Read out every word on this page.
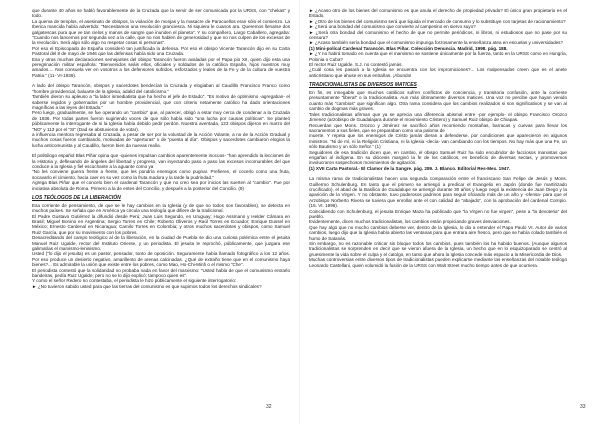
que durante 40 años se habló favorablemente de la Cruzada que la servir de ser comunicada por la URSS, con "chekas" y todo.

La quema de templos, el asesinato de obispos, la violación de monjas y la masacre de Paracuellos eran sólo el comienzo. La Iberica mancida había advertido: "Necesitamos una revolución granciesca. Ni siquiera le cuanos ara. Queremos llenarse dos galgatescas pura que ve tan cielos y manos de sangre que inunden el planeta". Y su compañero, Largo Caballero, agregaba: "Cuando nos lancemos por segunda vez a la calle, que no nos hablen de generosidad y que no nos culpen de los excesos de la revolución. Será algo sólo algo no respetar cosas ni personas".

Por eso el Episcopado de España consideró tan justificada la defensa. Por eso el obispo Vicente Tarancón dijo en su Carta Pastoral del 8 de mayo de 1946 que las defensas había sido una Cruzada.

Esa y otras muchas declaraciones semejantes del obispo Tarancón fueron avaladas por el Papa pio XII, quien dijo esta una peregrinación militar española: "Bienvenidos seáis ellos, oficiales y soldados de la católica España, hijos nuestros muy amados.... Nos consuela ver en vosotros a los defensores sufridos, esforzados y leales de la Fe y de la cultura de vuestra Patria." (11- VI-1939).

A lado del obispo Tarancón, obispos y sacerdotes bendecían la Cruzada y elogiaban al Caudillo Francisco Franco como "hombre providencial, baluarte de la Iglesia, adalid del catolicismo."

También dieron su apleuso a "la labor inmediatista que ha hecho el jefe de Estado". "Es motivo de optimismo -agregaban- el saberse regidos y gobernados por un hombre providencial, que con criterio netamente católico ha dado orientaciones magníficas a las leyes del Estado."

Pero luego, gradualmente, se fue operando un "cambio" que, al parecer, obligó a estar muy cerca de condenar a la Cruzada de 1936. Por todas partes fueron sugiriendo voces de que sólo había sido "una lucha por causas políticas". Se planteó públicamente la interrogante de si la Iglesia había debido pedir perdón. Nuestra aventada, 123 obispos dijeron en marzo del "NO" y 113 por el "SI" (Dad se abstuvieron de votar).

a influencia mentora regresaba al Cruzada, a pesar de ser por la voluntad de la Acción Volante, a no de la Acción Gradual y muchos cosas fueron cambiando, motivadas de "aperturas" o de "puesta al día". Obispos y sacerdotes cambiaron elogios la lucha anticomunista y al Caudillo, fueron bien da nuevas realía.

El politólogo español Blas Piñar opina que -quienes impulsan cambios aparentemente inocuos- "han aprendido la lecciones de la Historia y, deflexando de ángeles del libertad y progreso, van inyectando paso a paso las excesos incomurables del que conduce a la Iglesia y fiel escuchante a la aguante como ya

"No les conviene guerra frente a frente, que les pondría enemigos como pugnar. Prefieren, el cocerlo como una fruta, socavarlo el cimiento, hacia caer en su vez como la fruta madura y la tarde la pudrindad."

Agrega Blas Piñar que el concelo bien el cardenal Tarancón y que no creo sea por inicios las suerten al "cambio". Fue por iniciativa absoluta de Roma. Primero a la de entes del Concilio, y después a la posterior del Concilio. (9)

LOS TEÓLOGOS DE LA LIBERACIÓN

Esa corriente de pensamiento, de que se le hay cambios en la Iglesia (y de que no todos son favorables), se detecta en muchos países. Se señala que en América ya circula una teología que difiere de la tradicional.

El Padre Gustavo Gutiérrez la difundió desde Perú; Juan Luis Segundo, en Uruguay; Hugo Assmann y Helder Câmara en Brasil; Miguel Bonino en Argentina; Sergio Torres en Chile; Roberto Oliveros y Raúl Torres en Ecuador; Enrique Dussel en México; Ernesto Cardenal en Nicaragua; Camilo Torres en Colombia; y otros muchos sacerdotes y obispos, como Samuel Ruiz García, que por su movimiento con los pobres.

Desacreditando del campo teológico al de la liberación, en la ciudad de Puebla se dio una curiosa polémica entre el jesuita Manuel Ruiz Ugalde, rector del Instituto Oriente, y un periodista. El jesuita le reprochó, públicamente, que juzgara ese galimatías el marxismo-leninismo.

Usted ("lo dijo el jesuita) es un pastor, pensador, tonto de oposición. Seguramente había llamado fotográfico a los 12 años. Por eso produce un desierto negativo, amarillento de arenas calcinadas. ¿Qué de extraño tiene que en el comunismo haya bienes?... Es admirable la unión que existe entre los pobres, como Mao, Ho-Chi-Minh o el mismo "Che".

El periodista contestó que la solidaridad no probaba nada en favor del marxismo: "Usted habla de que el comunismo entrarlo bandeiras, pedía Ruiz Ugalde; pero no se lo dijo explicó; tampoco quien es".

Y como el señor Redero no contestaba, el periodista le hizo públicamente el siguiente interrogatorio:

► ¿No tuvieron sabido usted para que las tierras del comunismo es que supimos todos los derechos sindicales?

32

► ¿Acaso otro de los bienes del comunismo es que anula el derecho de propiedad privada? El único gran propietario es el Estado.

► ¿Otro de los bienes del comunismo será que liquida el mercado de consumo y lo substituye con tarjetas de racionamiento?

► ¿Será una bondad del comunismo que convierte al campesino en siervo suyo?

► ¿Será otra bondad del comunismo el hecho de que no permite periódicos, ni libros, ni estudiosos que no pase por su censura?

► ¿Acaso también sería bondad que el comunismo impunga forzosamente la enseñanza atea en escuelas y universidades?

(1) Mini-polícal Cardenal Tarancón. Blas Piñar. Colección Denuncia. Madrid, 1998. pág. 188.

► ¿Y no habrá tomado en cuenta que el marxismo se sostiene únicamente por la fuerza, tanto en la URSS como en Hungría, Polonia o Cuba?

El rector Ruiz Ugalde, S.J. no contestó jamás.

¿Cuál cosa les pasará a la Iglesia se encuentra con los impromiciones?... Los malpensados creen que es el anete anticristiano que ahuse en sus entrañas. ¡Abundo!

TRADICIONALISTAS DE DIVERSOS MATICES

En fin, es innegable que muchos católicos sufren conflictos de conciencia, y transitoria confusión, ante la corriente presuntamente "liberal" o la tradicionalista. Aun más últimamente diversos matices. Una voz no percibe que hayan venido cuanto más "cambios" que significan algo. Otra rama considera que los cambios realizados si son significativos y se van al cambio de dogmas más graves.

Tales tradicionalistas afirman que ya se aprecia una diferencia abismal entre -por ejemplo- el obispo Francisco Orozco Jimenez (arzobispo de Guadalajara durante el movimiento Cristero) y Samuel Ruiz obispo de Chiapas.

Recuerdan que Mons. Orozco y Jiménez se sacrificó años recorriendo montañas, barracas y cuevas para llevar los sacramentos a sus fieles, que se preparaban como una paloma de

muerte. Y repeta que los enemigos de Cristo jamás dieran a defenderse, por condiciones que aparecieron en algunos ministros. "Ni de mí, ni la Religión Cristiana, ni la Iglesia -decía- van cambiando con los tiempos. No hay más que una Fe, un sólo Bautismo y un sólo Señor." (1)

Seguidores de esa tradición dicen que, en cambio, el obispo Samuel Ruiz ha sido encubridor de facciosos marxistas que engañan al indígena. En su diócesis marginó la fe de los católicos, en beneficio de diversas sectas, y promovemos involucraron sospechosos movimientos de agitación.

(1) XVII Carta Pastoral.- El Clamor de la Sangre. pág. 289. J. Blanco. Editorial Res-Mex. 1947.

La misma rama de tradicionalistas hacen una segunda comparación entre el franciscano San Felipe de Jesús y Mons. Guillermo Schulenburg. En tanto que el primero se arriesgó a predicar el Evangelio en Japón (donde fue martirizado crucificado), el abad de la Basílica de Guadalupe se arriesgó durante 30 años y luego negó la existencia de Juan Diego y la aparición de la Virgen. Y no obstante, tuvo poderosos padrinos para seguir ofciando más de un año y -ofensa- para que el Arzobispo Norberto Rivera se tuviera que enrollar ante el con calidad de "abajado", con la aprobación del cardenal Corripio. (15. VI. 1996).

Coincidiendo con Schulenburg, el jesuita Enrique Maza ha publicado que "la Virgen no fue virgen", pese a "la devoteria" del pueblo.

Evidentemente, dicen muchos tradicionalistas, los cambios están propiciando graves desviaciones.

Que hay algo que no mucho cambios deberse ver, dentro de la Iglesia, lo dio a entender el Papa Paulo VI. Autor de varios cambios, luego dijo que la Iglesia había abierto las ventanas para que entrara aire fresco, pero que se había colado también el humo de Satanás.

Sin embargo, no es razonable criticar sin bloque todos los cambios, pues también los ha habido buenos. (Aunque algunos tradicionalistas se sorprenden en decir que se vieron afuera de la Iglesia, un hecho que en lo esquizoparado se centró al gruesimente la vida sobre el culpa y el catolgo, en tanto que ahora la Iglesia concede más espacio a la Misericordia de Dios.

Muchas controversias entre diversos tipos de tradicionalistas pueden explicarse mediante las enseñanzas del notable teólogo Leonardo Castellani, quien volumidó la fusión de la URSS con Walt Street mucho tiempo antes de que ocurriera.

33
